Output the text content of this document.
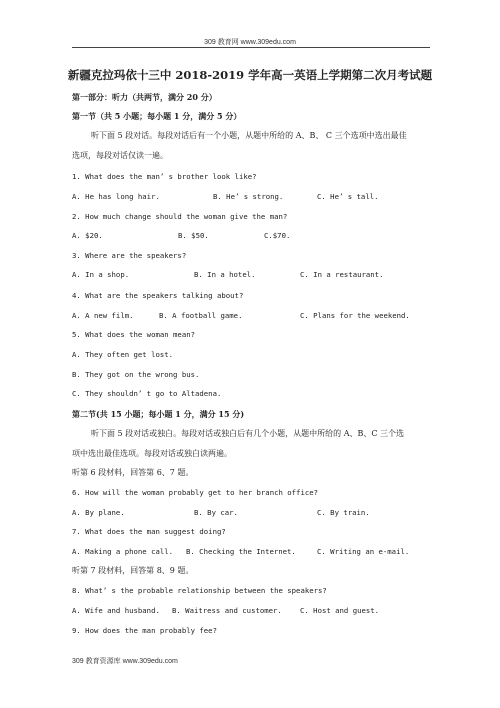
309 教育网 www.309edu.com
新疆克拉玛依十三中 2018-2019 学年高一英语上学期第二次月考试题
第一部分：听力（共两节，满分 20 分）
第一节（共 5 小题；每小题 1 分，满分 5 分）
听下面 5 段对话。每段对话后有一个小题，从题中所给的 A、B、 C 三个选项中选出最佳
选项，每段对话仅读一遍。
1. What does the man’ s brother look like?
A. He has long hair.	B. He’ s strong.	C. He’ s tall.
2. How much change should the woman give the man?
A. $20.	B. $50.	C.$70.
3. Where are the speakers?
A. In a shop.	B. In a hotel.	C. In a restaurant.
4. What are the speakers talking about?
A. A new film.	B. A football game.	C. Plans for the weekend.
5. What does the woman mean?
A. They often get lost.
B. They got on the wrong bus.
C. They shouldn’ t go to Altadena.
第二节(共 15 小题；每小题 1 分，满分 15 分)
听下面 5 段对话或独白。每段对话或独白后有几个小题，从题中所给的 A、B、C 三个选
项中选出最佳选项。每段对话或独白读两遍。
听第 6 段材料，回答第 6、7 题。
6. How will the woman probably get to her branch office?
A. By plane.	B. By car.	C. By train.
7. What does the man suggest doing?
A. Making a phone call. B. Checking the Internet.	C. Writing an e-mail.
听第 7 段材料，回答第 8、9 题。
8. What’ s the probable relationship between the speakers?
A. Wife and husband. B. Waitress and customer. C. Host and guest.
9. How does the man probably fee?
309 教育资源库 www.309edu.com
